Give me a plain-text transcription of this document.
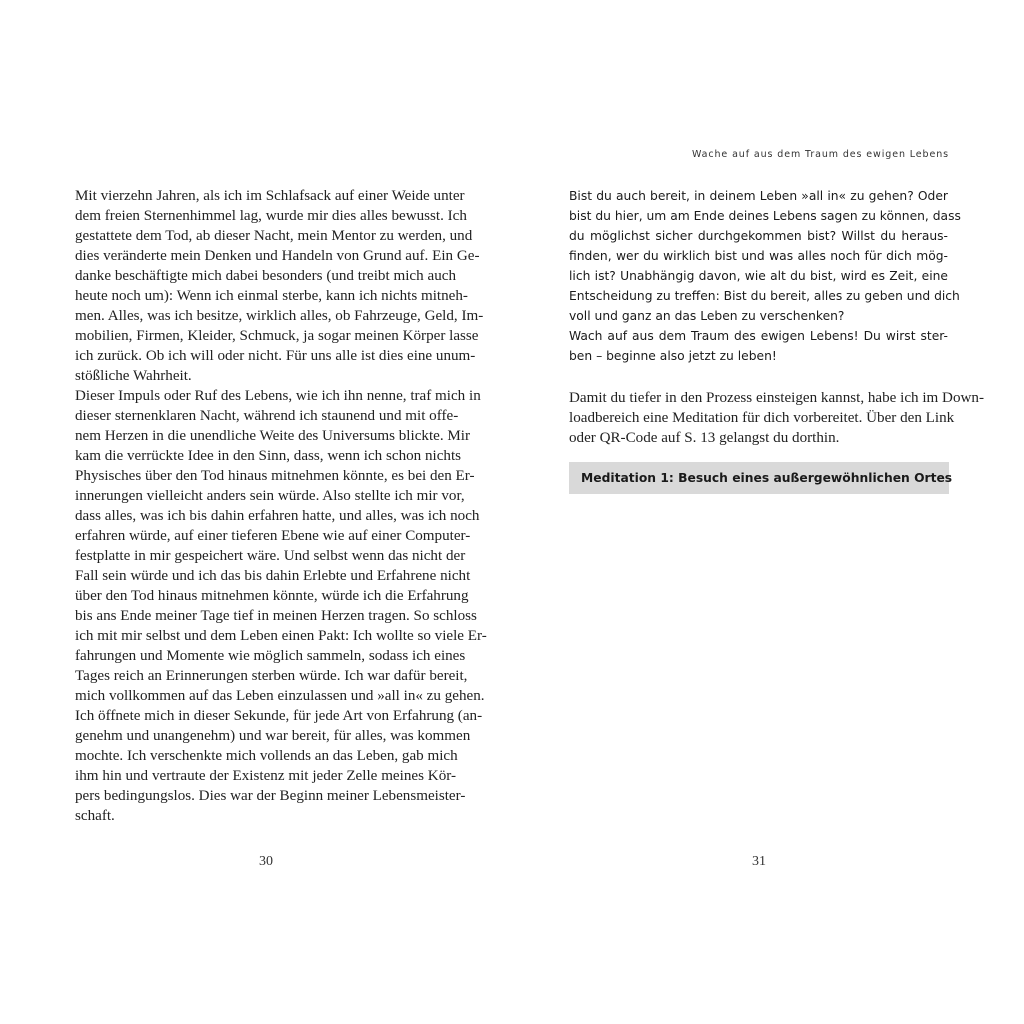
Mit vierzehn Jahren, als ich im Schlafsack auf einer Weide unter
dem freien Sternenhimmel lag, wurde mir dies alles bewusst. Ich
gestattete dem Tod, ab dieser Nacht, mein Mentor zu werden, und
dies veränderte mein Denken und Handeln von Grund auf. Ein Ge-
danke beschäftigte mich dabei besonders (und treibt mich auch
heute noch um): Wenn ich einmal sterbe, kann ich nichts mitneh-
men. Alles, was ich besitze, wirklich alles, ob Fahrzeuge, Geld, Im-
mobilien, Firmen, Kleider, Schmuck, ja sogar meinen Körper lasse
ich zurück. Ob ich will oder nicht. Für uns alle ist dies eine unum-
stößliche Wahrheit.
Dieser Impuls oder Ruf des Lebens, wie ich ihn nenne, traf mich in
dieser sternenklaren Nacht, während ich staunend und mit offe-
nem Herzen in die unendliche Weite des Universums blickte. Mir
kam die verrückte Idee in den Sinn, dass, wenn ich schon nichts
Physisches über den Tod hinaus mitnehmen könnte, es bei den Er-
innerungen vielleicht anders sein würde. Also stellte ich mir vor,
dass alles, was ich bis dahin erfahren hatte, und alles, was ich noch
erfahren würde, auf einer tieferen Ebene wie auf einer Computer-
festplatte in mir gespeichert wäre. Und selbst wenn das nicht der
Fall sein würde und ich das bis dahin Erlebte und Erfahrene nicht
über den Tod hinaus mitnehmen könnte, würde ich die Erfahrung
bis ans Ende meiner Tage tief in meinen Herzen tragen. So schloss
ich mit mir selbst und dem Leben einen Pakt: Ich wollte so viele Er-
fahrungen und Momente wie möglich sammeln, sodass ich eines
Tages reich an Erinnerungen sterben würde. Ich war dafür bereit,
mich vollkommen auf das Leben einzulassen und »all in« zu gehen.
Ich öffnete mich in dieser Sekunde, für jede Art von Erfahrung (an-
genehm und unangenehm) und war bereit, für alles, was kommen
mochte. Ich verschenkte mich vollends an das Leben, gab mich
ihm hin und vertraute der Existenz mit jeder Zelle meines Kör-
pers bedingungslos. Dies war der Beginn meiner Lebensmeister-
schaft.
30
Wache auf aus dem Traum des ewigen Lebens
Bist du auch bereit, in deinem Leben »all in« zu gehen? Oder
bist du hier, um am Ende deines Lebens sagen zu können, dass
du möglichst sicher durchgekommen bist? Willst du heraus-
finden, wer du wirklich bist und was alles noch für dich mög-
lich ist? Unabhängig davon, wie alt du bist, wird es Zeit, eine
Entscheidung zu treffen: Bist du bereit, alles zu geben und dich
voll und ganz an das Leben zu verschenken?
Wach auf aus dem Traum des ewigen Lebens! Du wirst ster-
ben – beginne also jetzt zu leben!
Damit du tiefer in den Prozess einsteigen kannst, habe ich im Down-
loadbereich eine Meditation für dich vorbereitet. Über den Link
oder QR-Code auf S. 13 gelangst du dorthin.
Meditation 1: Besuch eines außergewöhnlichen Ortes
31
